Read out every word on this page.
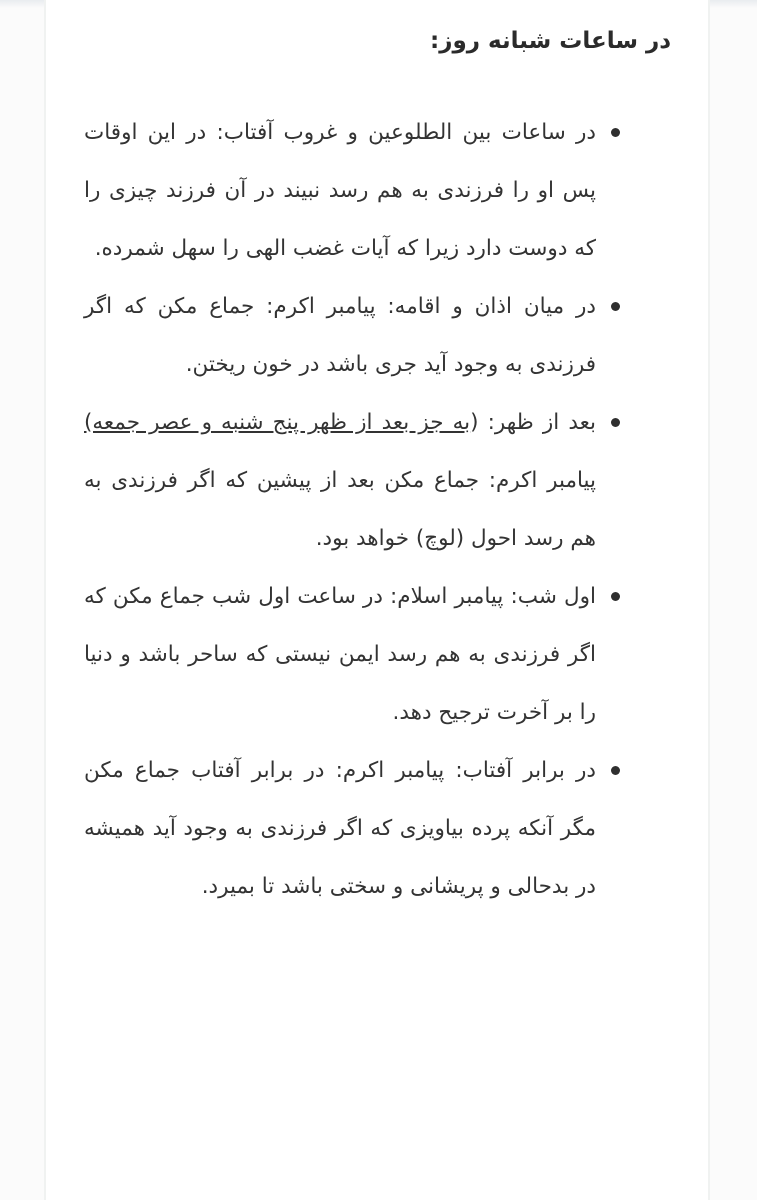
در ساعات شبانه روز:
در ساعات بین الطلوعین و غروب آفتاب: در این اوقات پس او را فرزندی به هم رسد نبیند در آن فرزند چیزی را که دوست دارد زیرا که آیات غضب الهی را سهل شمرده.
در میان اذان و اقامه: پیامبر اکرم: جماع مکن که اگر فرزندی به وجود آید جری باشد در خون ریختن.
بعد از ظهر: (به جز بعد از ظهر پنج شنبه و عصر جمعه) پیامبر اکرم: جماع مکن بعد از پیشین که اگر فرزندی به هم رسد احول (لوچ) خواهد بود.
اول شب: پیامبر اسلام: در ساعت اول شب جماع مکن که اگر فرزندی به هم رسد ایمن نیستی که ساحر باشد و دنیا را بر آخرت ترجیح دهد.
در برابر آفتاب: پیامبر اکرم: در برابر آفتاب جماع مکن مگر آنکه پرده بیاویزی که اگر فرزندی به وجود آید همیشه در بدحالی و پریشانی و سختی باشد تا بمیرد.
